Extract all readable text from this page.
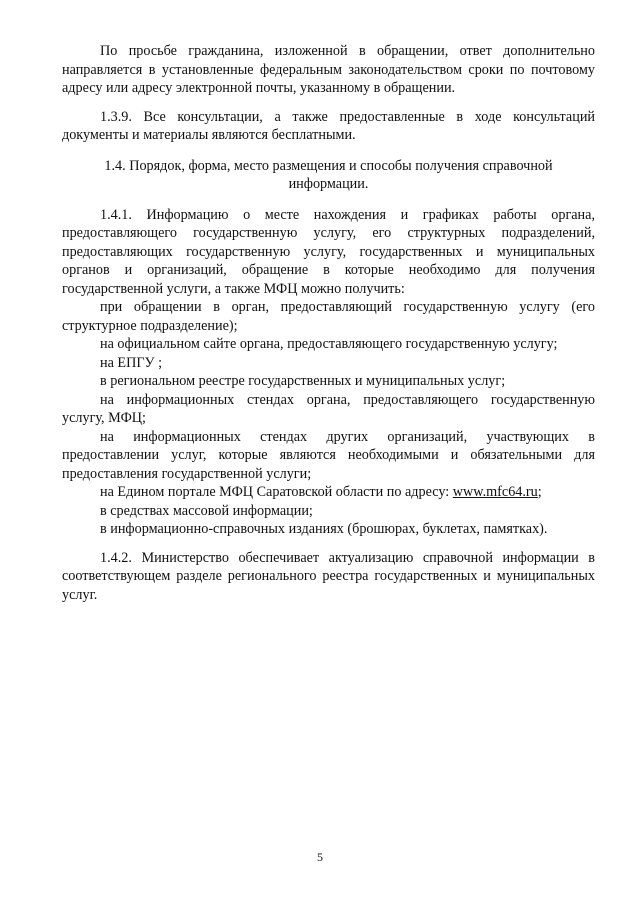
По просьбе гражданина, изложенной в обращении, ответ дополнительно направляется в установленные федеральным законодательством сроки по почтовому адресу или адресу электронной почты, указанному в обращении.

1.3.9. Все консультации, а также предоставленные в ходе консультаций документы и материалы являются бесплатными.

1.4. Порядок, форма, место размещения и способы получения справочной информации.

1.4.1. Информацию о месте нахождения и графиках работы органа, предоставляющего государственную услугу, его структурных подразделений, предоставляющих государственную услугу, государственных и муниципальных органов и организаций, обращение в которые необходимо для получения государственной услуги, а также МФЦ можно получить:

при обращении в орган, предоставляющий государственную услугу (его структурное подразделение);

на официальном сайте органа, предоставляющего государственную услугу;

на ЕПГУ ;

в региональном реестре государственных и муниципальных услуг;

на информационных стендах органа, предоставляющего государственную услугу, МФЦ;

на информационных стендах других организаций, участвующих в предоставлении услуг, которые являются необходимыми и обязательными для предоставления государственной услуги;

на Едином портале МФЦ Саратовской области по адресу: www.mfc64.ru;

в средствах массовой информации;

в информационно-справочных изданиях (брошюрах, буклетах, памятках).

1.4.2. Министерство обеспечивает актуализацию справочной информации в соответствующем разделе регионального реестра государственных и муниципальных услуг.

5
